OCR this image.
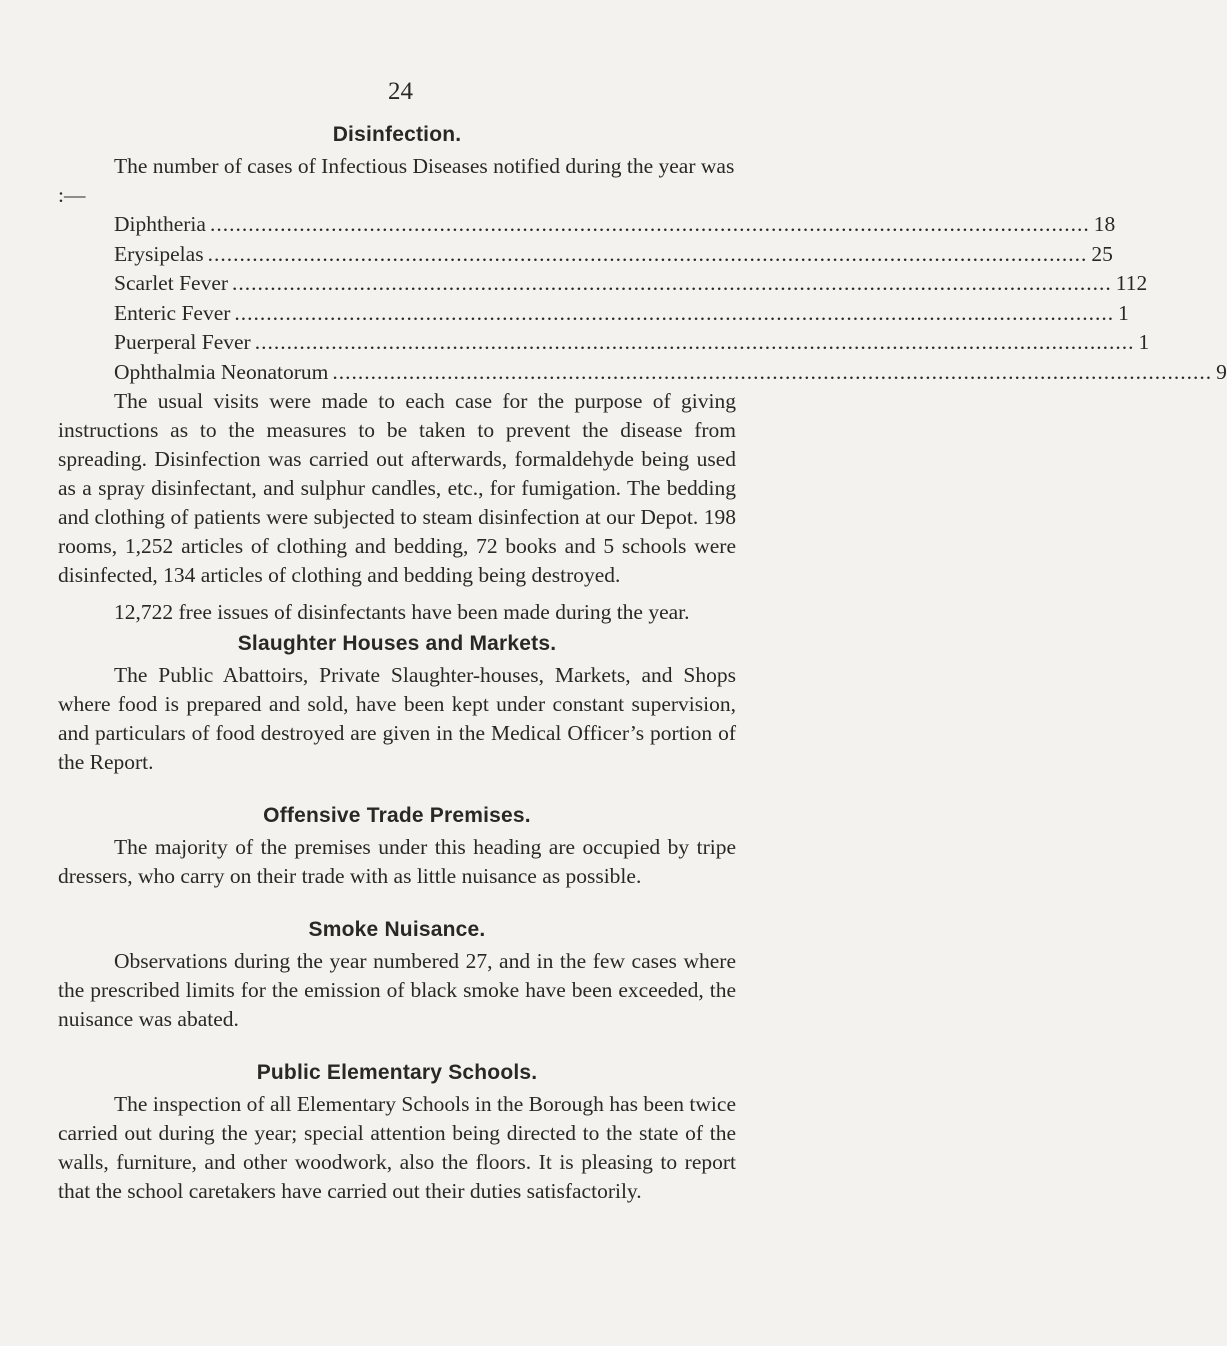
24
Disinfection.

The number of cases of Infectious Diseases notified during the year was :—

Diphtheria .......................................................................................................................................... 18
Erysipelas .......................................................................................................................................... 25
Scarlet Fever .......................................................................................................................................... 112
Enteric Fever .......................................................................................................................................... 1
Puerperal Fever .......................................................................................................................................... 1
Ophthalmia Neonatorum .......................................................................................................................................... 9

The usual visits were made to each case for the purpose of giving instructions as to the measures to be taken to prevent the disease from spreading. Disinfection was carried out afterwards, formaldehyde being used as a spray disinfectant, and sulphur candles, etc., for fumigation. The bedding and clothing of patients were subjected to steam disinfection at our Depot. 198 rooms, 1,252 articles of clothing and bedding, 72 books and 5 schools were disinfected, 134 articles of clothing and bedding being destroyed.

12,722 free issues of disinfectants have been made during the year.

Slaughter Houses and Markets.

The Public Abattoirs, Private Slaughter-houses, Markets, and Shops where food is prepared and sold, have been kept under constant supervision, and particulars of food destroyed are given in the Medical Officer’s portion of the Report.

Offensive Trade Premises.

The majority of the premises under this heading are occupied by tripe dressers, who carry on their trade with as little nuisance as possible.

Smoke Nuisance.

Observations during the year numbered 27, and in the few cases where the prescribed limits for the emission of black smoke have been exceeded, the nuisance was abated.

Public Elementary Schools.

The inspection of all Elementary Schools in the Borough has been twice carried out during the year; special attention being directed to the state of the walls, furniture, and other woodwork, also the floors. It is pleasing to report that the school caretakers have carried out their duties satisfactorily.
